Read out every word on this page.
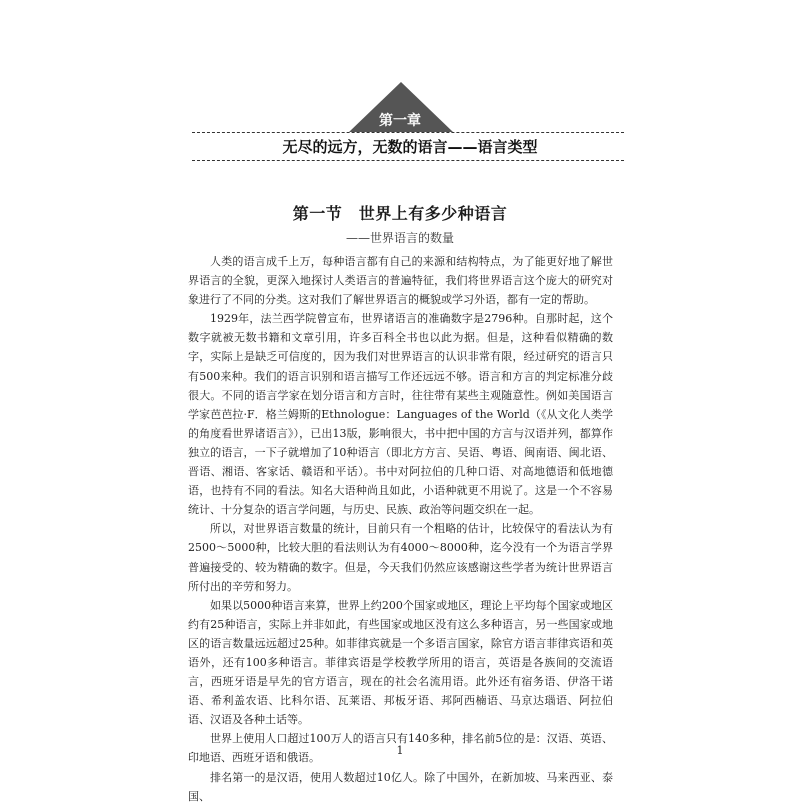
第一章
无尽的远方，无数的语言——语言类型
第一节　世界上有多少种语言
——世界语言的数量

人类的语言成千上万，每种语言都有自己的来源和结构特点，为了能更好地了解世界语言的全貌，更深入地探讨人类语言的普遍特征，我们将世界语言这个庞大的研究对象进行了不同的分类。这对我们了解世界语言的概貌或学习外语，都有一定的帮助。

1929年，法兰西学院曾宣布，世界诸语言的准确数字是2796种。自那时起，这个数字就被无数书籍和文章引用，许多百科全书也以此为据。但是，这种看似精确的数字，实际上是缺乏可信度的，因为我们对世界语言的认识非常有限，经过研究的语言只有500来种。我们的语言识别和语言描写工作还远远不够。语言和方言的判定标准分歧很大。不同的语言学家在划分语言和方言时，往往带有某些主观随意性。例如美国语言学家芭芭拉·F．格兰姆斯的Ethnologue：Languages of the World（《从文化人类学的角度看世界诸语言》），已出13版，影响很大，书中把中国的方言与汉语并列，都算作独立的语言，一下子就增加了10种语言（即北方方言、吴语、粤语、闽南语、闽北语、晋语、湘语、客家话、赣语和平话）。书中对阿拉伯的几种口语、对高地德语和低地德语，也持有不同的看法。知名大语种尚且如此，小语种就更不用说了。这是一个不容易统计、十分复杂的语言学问题，与历史、民族、政治等问题交织在一起。

所以，对世界语言数量的统计，目前只有一个粗略的估计，比较保守的看法认为有2500～5000种，比较大胆的看法则认为有4000～8000种，迄今没有一个为语言学界普遍接受的、较为精确的数字。但是，今天我们仍然应该感谢这些学者为统计世界语言所付出的辛劳和努力。

如果以5000种语言来算，世界上约200个国家或地区，理论上平均每个国家或地区约有25种语言，实际上并非如此，有些国家或地区没有这么多种语言，另一些国家或地区的语言数量远远超过25种。如菲律宾就是一个多语言国家，除官方语言菲律宾语和英语外，还有100多种语言。菲律宾语是学校教学所用的语言，英语是各族间的交流语言，西班牙语是早先的官方语言，现在的社会名流用语。此外还有宿务语、伊洛干诺语、希利盖农语、比科尔语、瓦莱语、邦板牙语、邦阿西楠语、马京达瑙语、阿拉伯语、汉语及各种土话等。

世界上使用人口超过100万人的语言只有140多种，排名前5位的是：汉语、英语、印地语、西班牙语和俄语。

排名第一的是汉语，使用人数超过10亿人。除了中国外，在新加坡、马来西亚、泰国、

1
